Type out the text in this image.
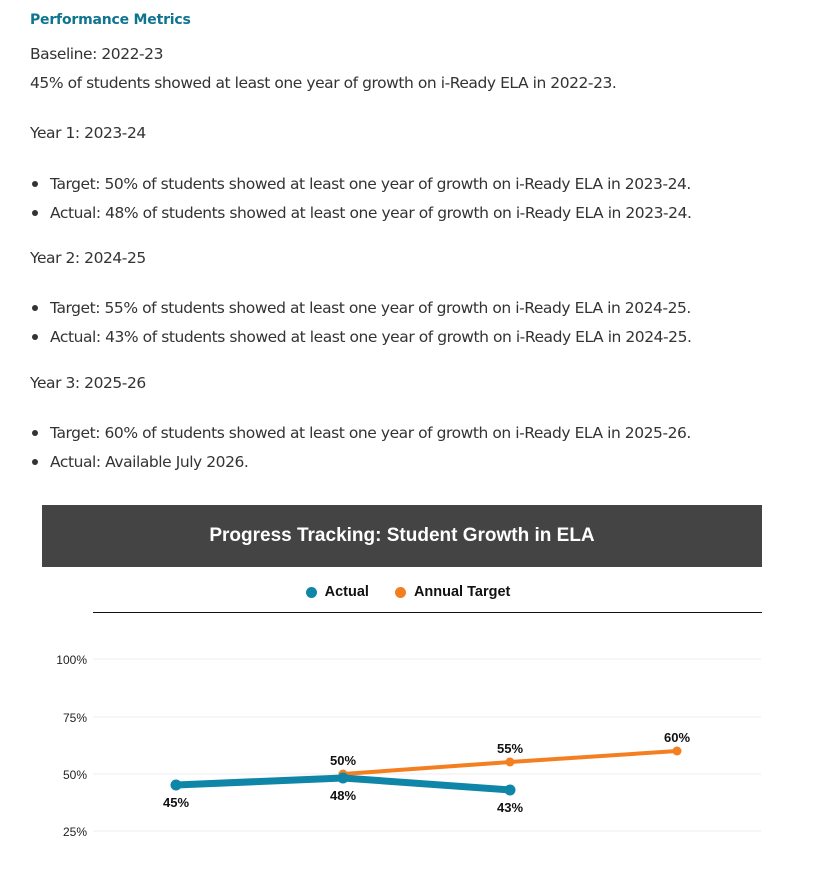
Performance Metrics
Baseline: 2022-23
45% of students showed at least one year of growth on i-Ready ELA in 2022-23.
Year 1: 2023-24
Target: 50% of students showed at least one year of growth on i-Ready ELA in 2023-24.
Actual: 48% of students showed at least one year of growth on i-Ready ELA in 2023-24.
Year 2: 2024-25
Target: 55% of students showed at least one year of growth on i-Ready ELA in 2024-25.
Actual: 43% of students showed at least one year of growth on i-Ready ELA in 2024-25.
Year 3: 2025-26
Target: 60% of students showed at least one year of growth on i-Ready ELA in 2025-26.
Actual: Available July 2026.
Progress Tracking: Student Growth in ELA
Actual	Annual Target
100%
75%
50%
25%
50%
55%
60%
45%	48%
43%
